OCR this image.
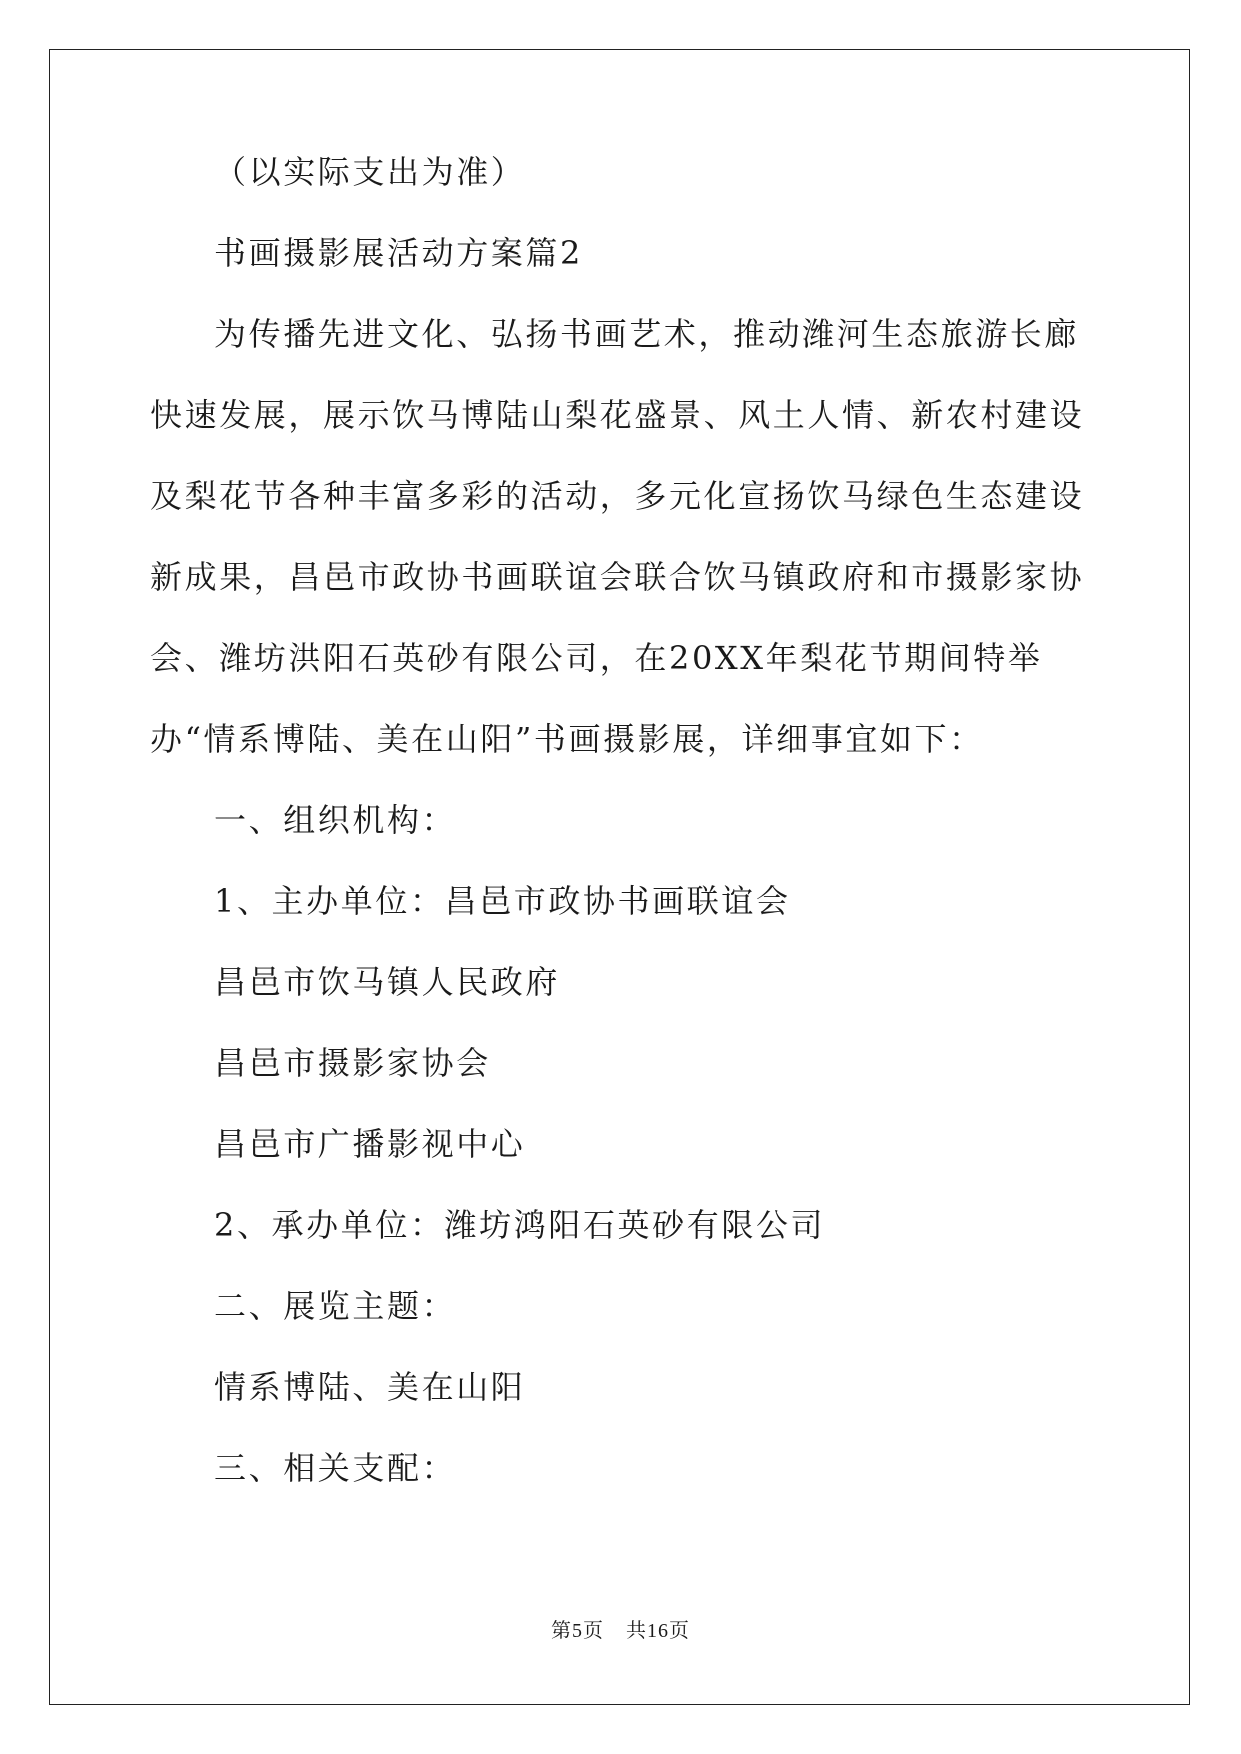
（以实际支出为准）

书画摄影展活动方案篇2

为传播先进文化、弘扬书画艺术，推动潍河生态旅游长廊快速发展，展示饮马博陆山梨花盛景、风土人情、新农村建设及梨花节各种丰富多彩的活动，多元化宣扬饮马绿色生态建设新成果，昌邑市政协书画联谊会联合饮马镇政府和市摄影家协会、潍坊洪阳石英砂有限公司，在20XX年梨花节期间特举办“情系博陆、美在山阳”书画摄影展，详细事宜如下：

一、组织机构：

1、主办单位：昌邑市政协书画联谊会

昌邑市饮马镇人民政府

昌邑市摄影家协会

昌邑市广播影视中心

2、承办单位：潍坊鸿阳石英砂有限公司

二、展览主题：

情系博陆、美在山阳

三、相关支配：

第5页 共16页
